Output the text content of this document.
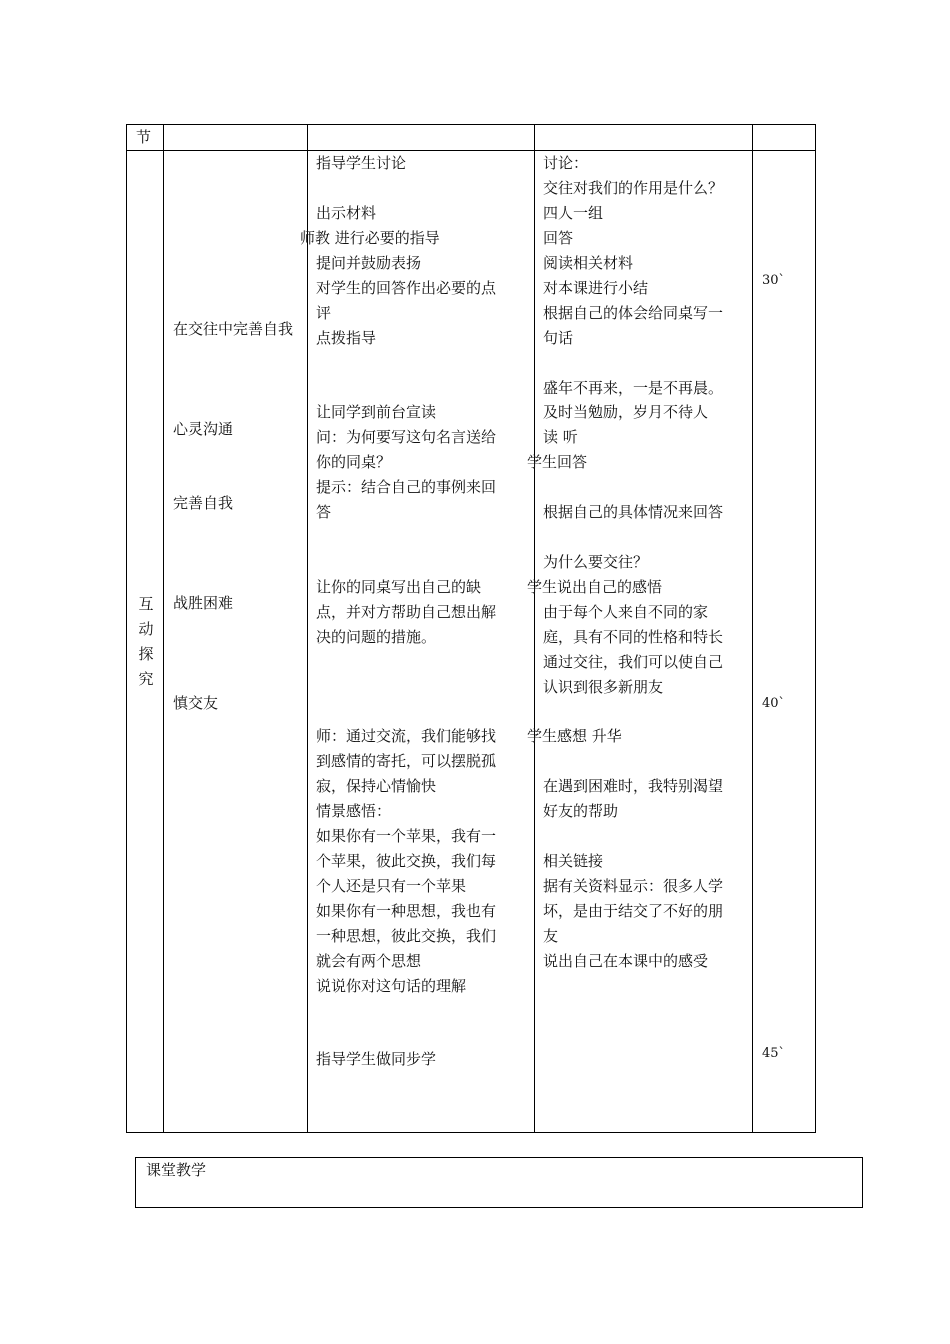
节
互
动
探
究
在交往中完善自我
心灵沟通
完善自我
战胜困难
慎交友
指导学生讨论
出示材料
师教 进行必要的指导
提问并鼓励表扬
对学生的回答作出必要的点
评
点拨指导
让同学到前台宣读
问：为何要写这句名言送给
你的同桌？
提示：结合自己的事例来回
答
让你的同桌写出自己的缺
点，并对方帮助自己想出解
决的问题的措施。
师：通过交流，我们能够找
到感情的寄托，可以摆脱孤
寂，保持心情愉快
情景感悟：
如果你有一个苹果，我有一
个苹果，彼此交换，我们每
个人还是只有一个苹果
如果你有一种思想，我也有
一种思想，彼此交换，我们
就会有两个思想
说说你对这句话的理解
指导学生做同步学
讨论：
交往对我们的作用是什么？
四人一组
回答
阅读相关材料
对本课进行小结
根据自己的体会给同桌写一
句话
盛年不再来，一是不再晨。
及时当勉励，岁月不待人
读 听
学生回答
根据自己的具体情况来回答
为什么要交往？
学生说出自己的感悟
由于每个人来自不同的家
庭，具有不同的性格和特长
通过交往，我们可以使自己
认识到很多新朋友
学生感想 升华
在遇到困难时，我特别渴望
好友的帮助
相关链接
据有关资料显示：很多人学
坏，是由于结交了不好的朋
友
说出自己在本课中的感受
30`
40`
45`
课堂教学
